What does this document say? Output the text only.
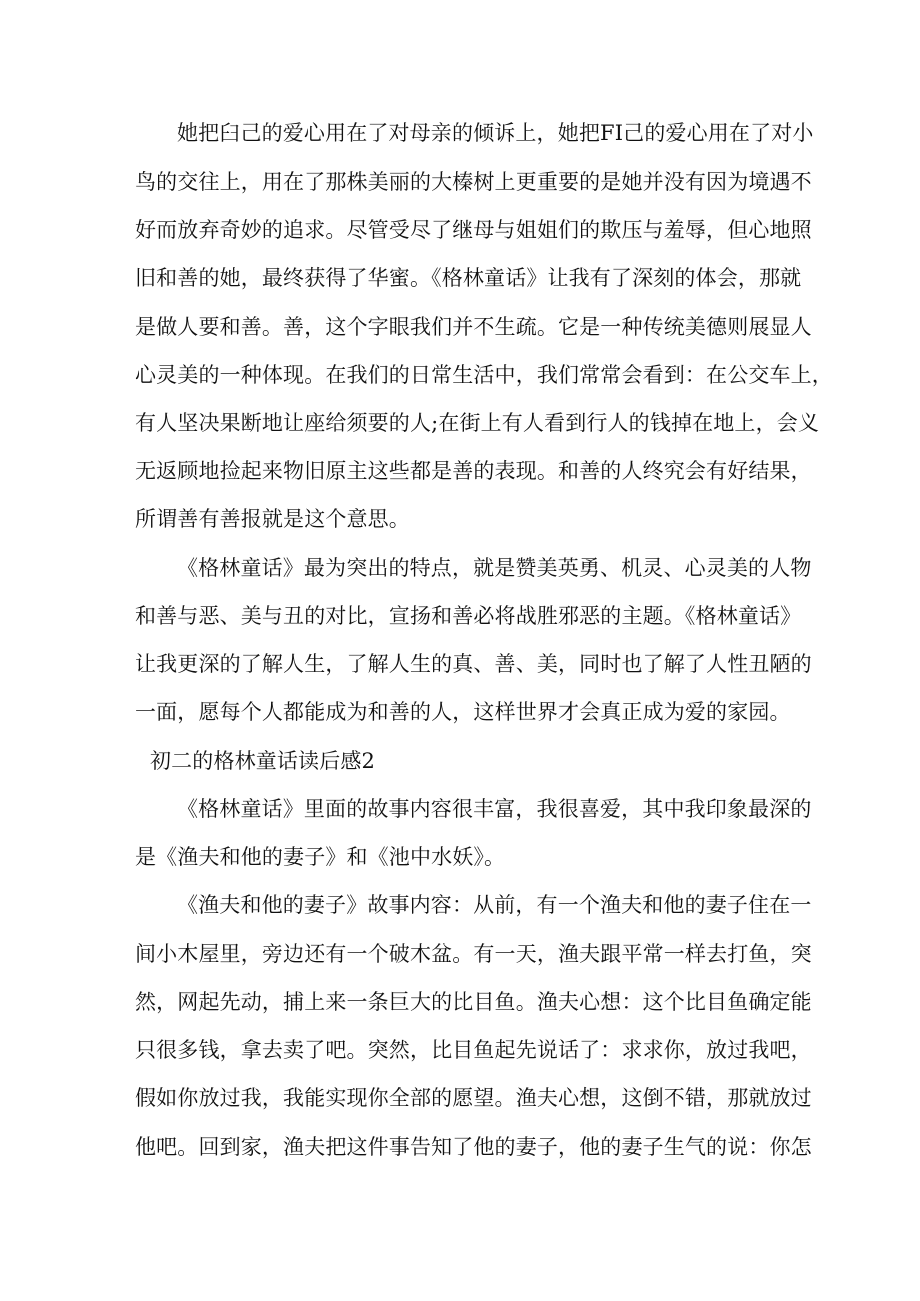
她把臼己的爱心用在了对母亲的倾诉上，她把FI己的爱心用在了对小
鸟的交往上，用在了那株美丽的大榛树上更重要的是她并没有因为境遇不
好而放弃奇妙的追求。尽管受尽了继母与姐姐们的欺压与羞辱，但心地照
旧和善的她，最终获得了华蜜。《格林童话》让我有了深刻的体会，那就
是做人要和善。善，这个字眼我们并不生疏。它是一种传统美德则展显人
心灵美的一种体现。在我们的日常生活中，我们常常会看到：在公交车上，
有人坚决果断地让座给须要的人;在街上有人看到行人的钱掉在地上，会义
无返顾地捡起来物旧原主这些都是善的表现。和善的人终究会有好结果，
所谓善有善报就是这个意思。
《格林童话》最为突出的特点，就是赞美英勇、机灵、心灵美的人物
和善与恶、美与丑的对比，宣扬和善必将战胜邪恶的主题。《格林童话》
让我更深的了解人生，了解人生的真、善、美，同时也了解了人性丑陋的
一面，愿每个人都能成为和善的人，这样世界才会真正成为爱的家园。
初二的格林童话读后感2
《格林童话》里面的故事内容很丰富，我很喜爱，其中我印象最深的
是《渔夫和他的妻子》和《池中水妖》。
《渔夫和他的妻子》故事内容：从前，有一个渔夫和他的妻子住在一
间小木屋里，旁边还有一个破木盆。有一天，渔夫跟平常一样去打鱼，突
然，网起先动，捕上来一条巨大的比目鱼。渔夫心想：这个比目鱼确定能
只很多钱，拿去卖了吧。突然，比目鱼起先说话了：求求你，放过我吧，
假如你放过我，我能实现你全部的愿望。渔夫心想，这倒不错，那就放过
他吧。回到家，渔夫把这件事告知了他的妻子，他的妻子生气的说：你怎
